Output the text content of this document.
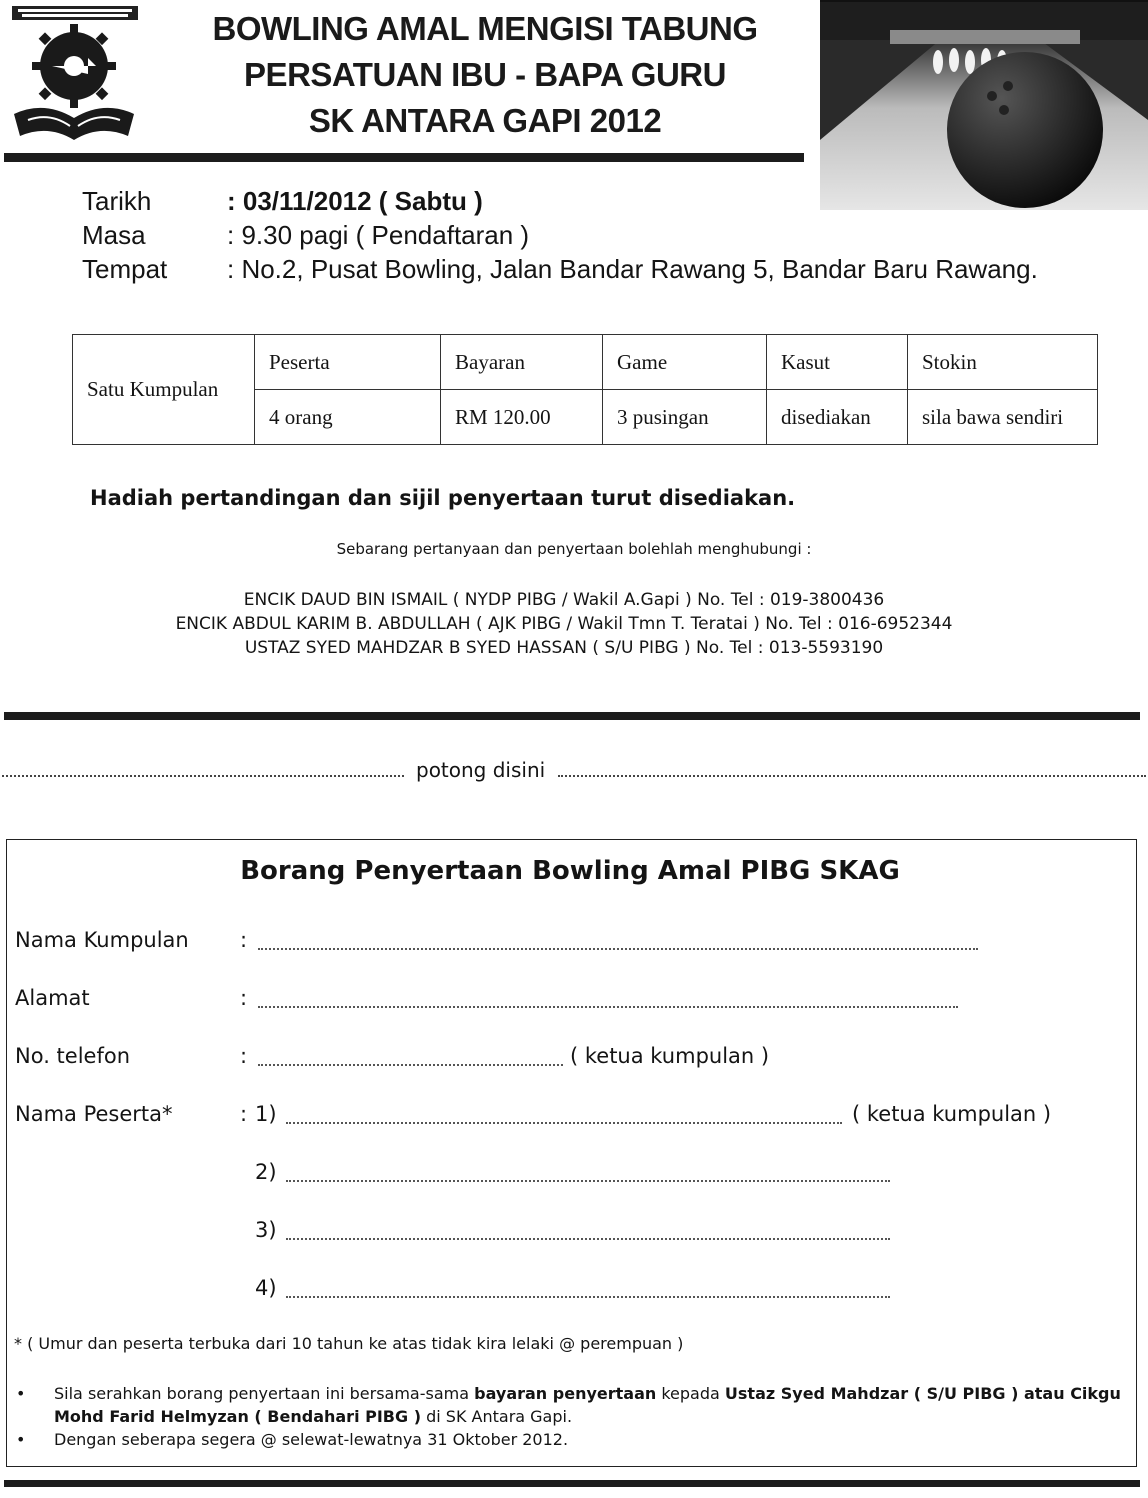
BOWLING AMAL MENGISI TABUNG
PERSATUAN IBU - BAPA GURU
SK ANTARA GAPI 2012
Tarikh	: 03/11/2012 ( Sabtu )
Masa	: 9.30 pagi ( Pendaftaran )
Tempat : No.2, Pusat Bowling, Jalan Bandar Rawang 5, Bandar Baru Rawang.
Satu Kumpulan	Peserta	Bayaran	Game	Kasut	Stokin
	4 orang	RM 120.00	3 pusingan	disediakan	sila bawa sendiri
Hadiah pertandingan dan sijil penyertaan turut disediakan.
Sebarang pertanyaan dan penyertaan bolehlah menghubungi :
ENCIK DAUD BIN ISMAIL ( NYDP PIBG / Wakil A.Gapi ) No. Tel : 019-3800436
ENCIK ABDUL KARIM B. ABDULLAH ( AJK PIBG / Wakil Tmn T. Teratai ) No. Tel : 016-6952344
USTAZ SYED MAHDZAR B SYED HASSAN ( S/U PIBG ) No. Tel : 013-5593190
potong disini
Borang Penyertaan Bowling Amal PIBG SKAG
Nama Kumpulan :
Alamat	:
No. telefon	:	( ketua kumpulan )
Nama Peserta*	: 1)	( ketua kumpulan )
2)
3)
4)
* ( Umur dan peserta terbuka dari 10 tahun ke atas tidak kira lelaki @ perempuan )
• Sila serahkan borang penyertaan ini bersama-sama bayaran penyertaan kepada Ustaz Syed Mahdzar ( S/U PIBG ) atau Cikgu Mohd Farid Helmyzan ( Bendahari PIBG ) di SK Antara Gapi.
• Dengan seberapa segera @ selewat-lewatnya 31 Oktober 2012.
